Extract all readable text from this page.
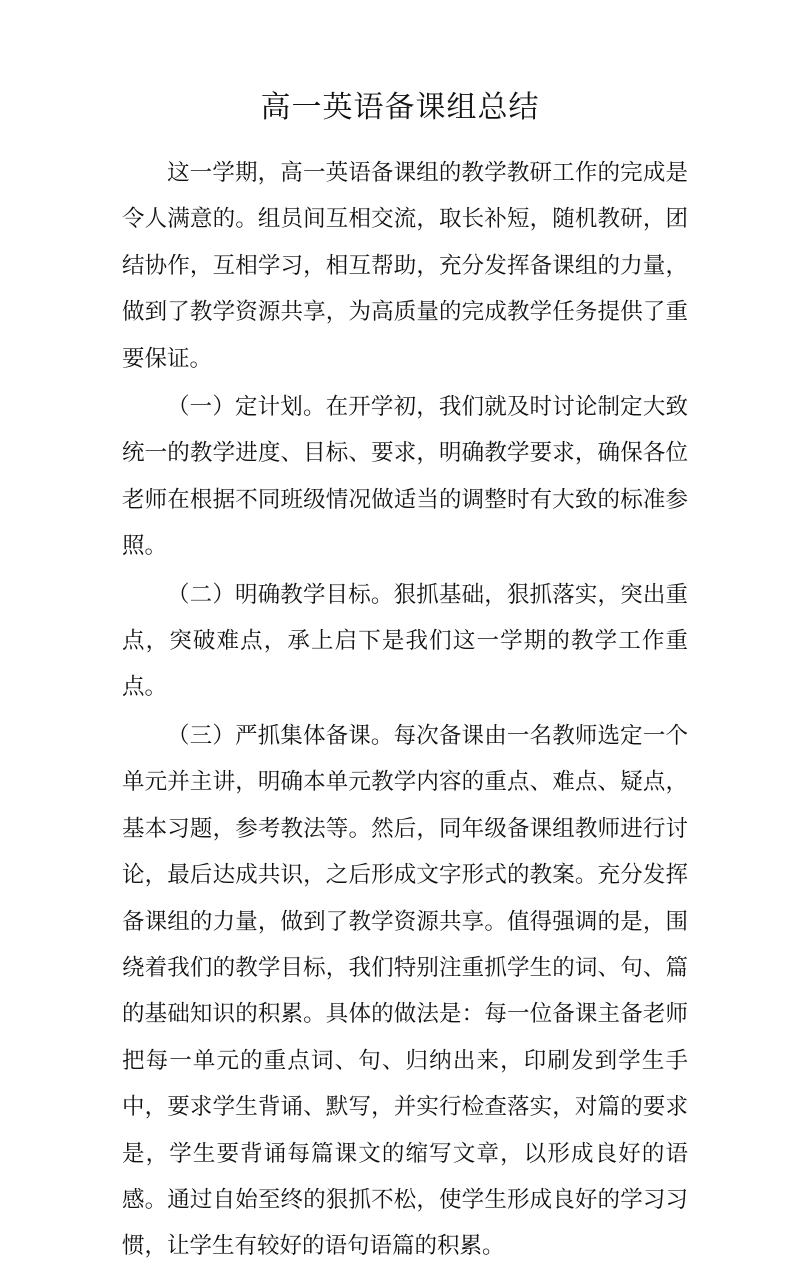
高一英语备课组总结

这一学期，高一英语备课组的教学教研工作的完成是令人满意的。组员间互相交流，取长补短，随机教研，团结协作，互相学习，相互帮助，充分发挥备课组的力量，做到了教学资源共享，为高质量的完成教学任务提供了重要保证。

（一）定计划。在开学初，我们就及时讨论制定大致统一的教学进度、目标、要求，明确教学要求，确保各位老师在根据不同班级情况做适当的调整时有大致的标准参照。

（二）明确教学目标。狠抓基础，狠抓落实，突出重点，突破难点，承上启下是我们这一学期的教学工作重点。

（三）严抓集体备课。每次备课由一名教师选定一个单元并主讲，明确本单元教学内容的重点、难点、疑点，基本习题，参考教法等。然后，同年级备课组教师进行讨论，最后达成共识，之后形成文字形式的教案。充分发挥备课组的力量，做到了教学资源共享。值得强调的是，围绕着我们的教学目标，我们特别注重抓学生的词、句、篇的基础知识的积累。具体的做法是：每一位备课主备老师把每一单元的重点词、句、归纳出来，印刷发到学生手中，要求学生背诵、默写，并实行检查落实，对篇的要求是，学生要背诵每篇课文的缩写文章，以形成良好的语感。通过自始至终的狠抓不松，使学生形成良好的学习习惯，让学生有较好的语句语篇的积累。
